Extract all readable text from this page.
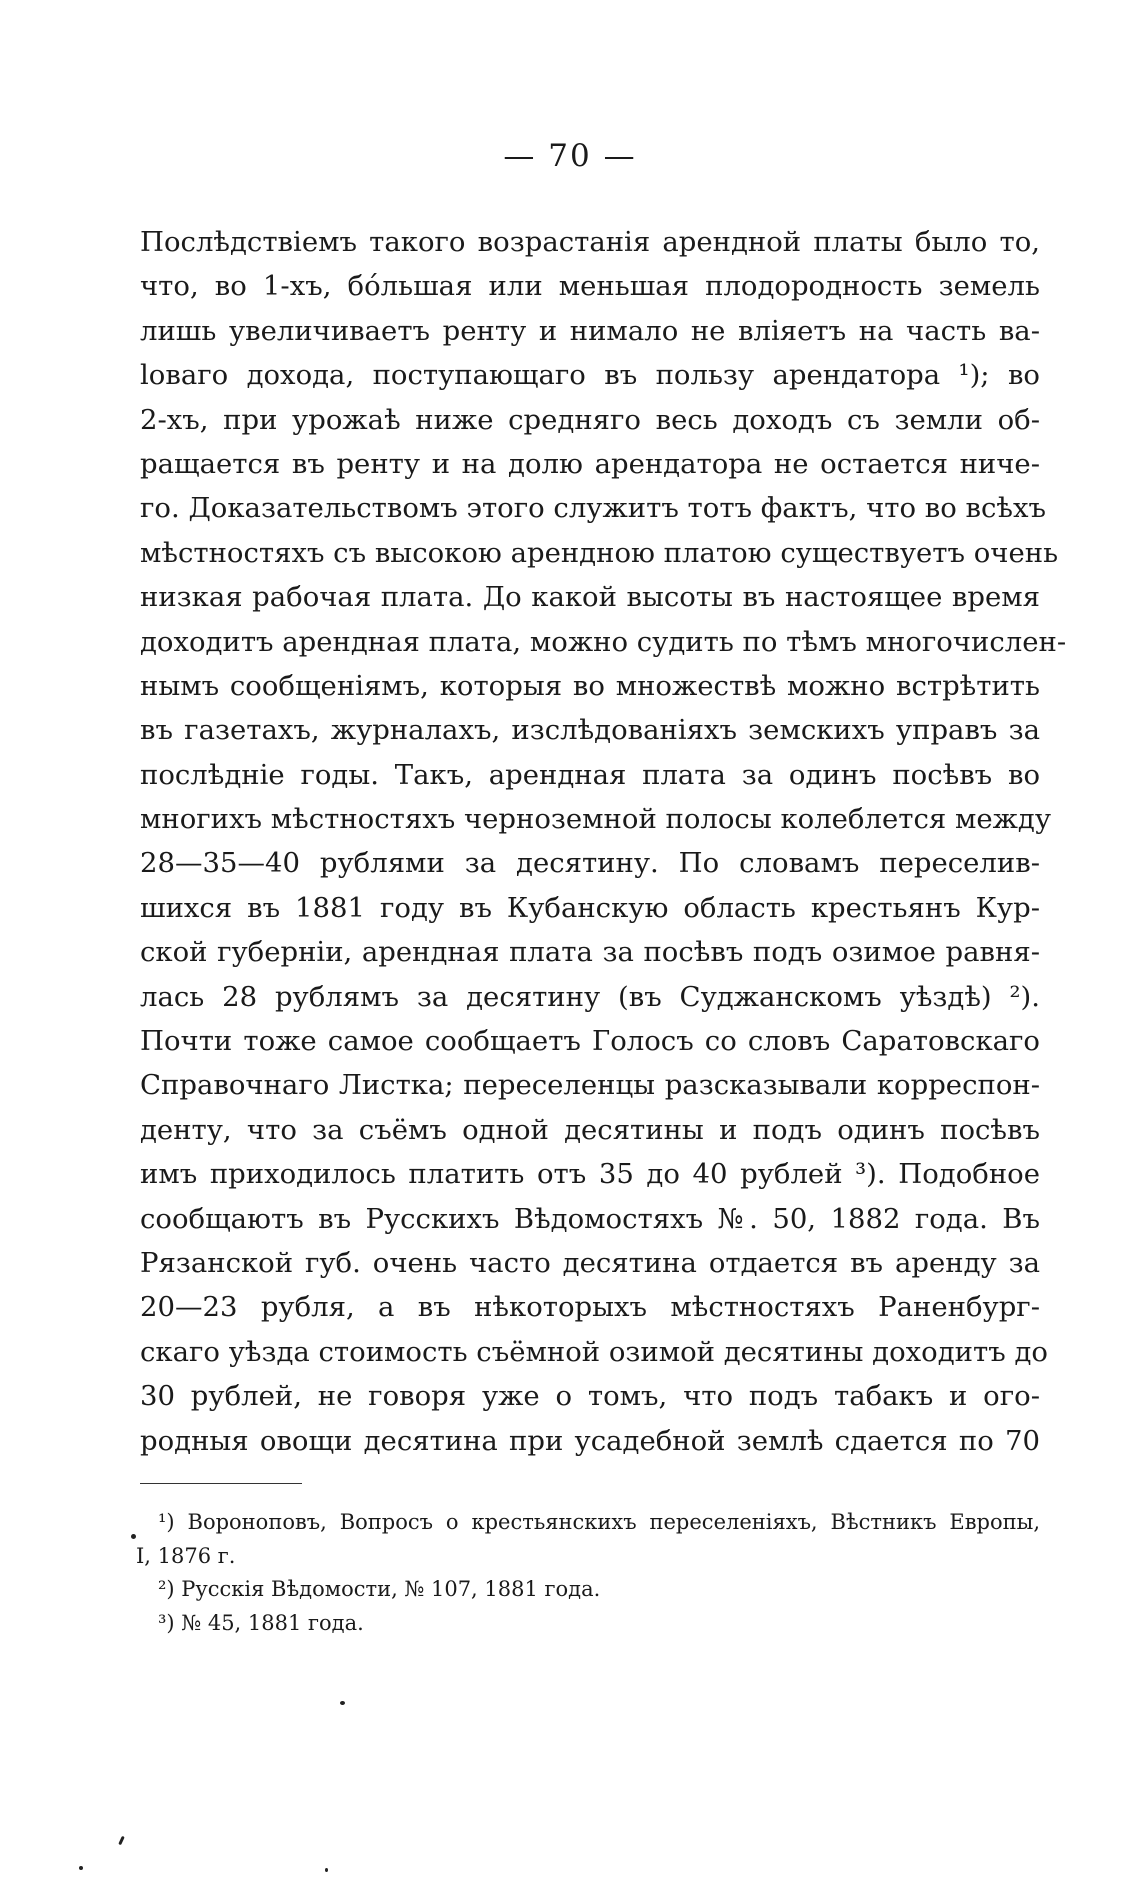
— 70 —
Послѣдствіемъ такого возрастанія арендной платы было то,
что, во 1-хъ, бо́льшая или меньшая плодородность земель
лишь увеличиваетъ ренту и нимало не вліяетъ на часть ва-
loваго дохода, поступающаго въ пользу арендатора ¹); во
2-хъ, при урожаѣ ниже средняго весь доходъ съ земли об-
ращается въ ренту и на долю арендатора не остается ниче-
го. Доказательствомъ этого служитъ тотъ фактъ, что во всѣхъ
мѣстностяхъ съ высокою арендною платою существуетъ очень
низкая рабочая плата. До какой высоты въ настоящее время
доходитъ арендная плата, можно судить по тѣмъ многочислен-
нымъ сообщеніямъ, которыя во множествѣ можно встрѣтить
въ газетахъ, журналахъ, изслѣдованіяхъ земскихъ управъ за
послѣдніе годы. Такъ, арендная плата за одинъ посѣвъ во
многихъ мѣстностяхъ черноземной полосы колеблется между
28—35—40 рублями за десятину. По словамъ переселив-
шихся въ 1881 году въ Кубанскую область крестьянъ Кур-
ской губерніи, арендная плата за посѣвъ подъ озимое равня-
лась 28 рублямъ за десятину (въ Суджанскомъ уѣздѣ) ²).
Почти тоже самое сообщаетъ Голосъ со словъ Саратовскаго
Справочнаго Листка; переселенцы разсказывали корреспон-
денту, что за съёмъ одной десятины и подъ одинъ посѣвъ
имъ приходилось платить отъ 35 до 40 рублей ³). Подобное
сообщаютъ въ Русскихъ Вѣдомостяхъ №. 50, 1882 года. Въ
Рязанской губ. очень часто десятина отдается въ аренду за
20—23 рубля, а въ нѣкоторыхъ мѣстностяхъ Раненбург-
скаго уѣзда стоимость съёмной озимой десятины доходитъ до
30 рублей, не говоря уже о томъ, что подъ табакъ и ого-
родныя овощи десятина при усадебной землѣ сдается по 70
¹) Вороноповъ, Вопросъ о крестьянскихъ переселеніяхъ, Вѣстникъ Европы,
I, 1876 г.
²) Русскія Вѣдомости, № 107, 1881 года.
³) № 45, 1881 года.
